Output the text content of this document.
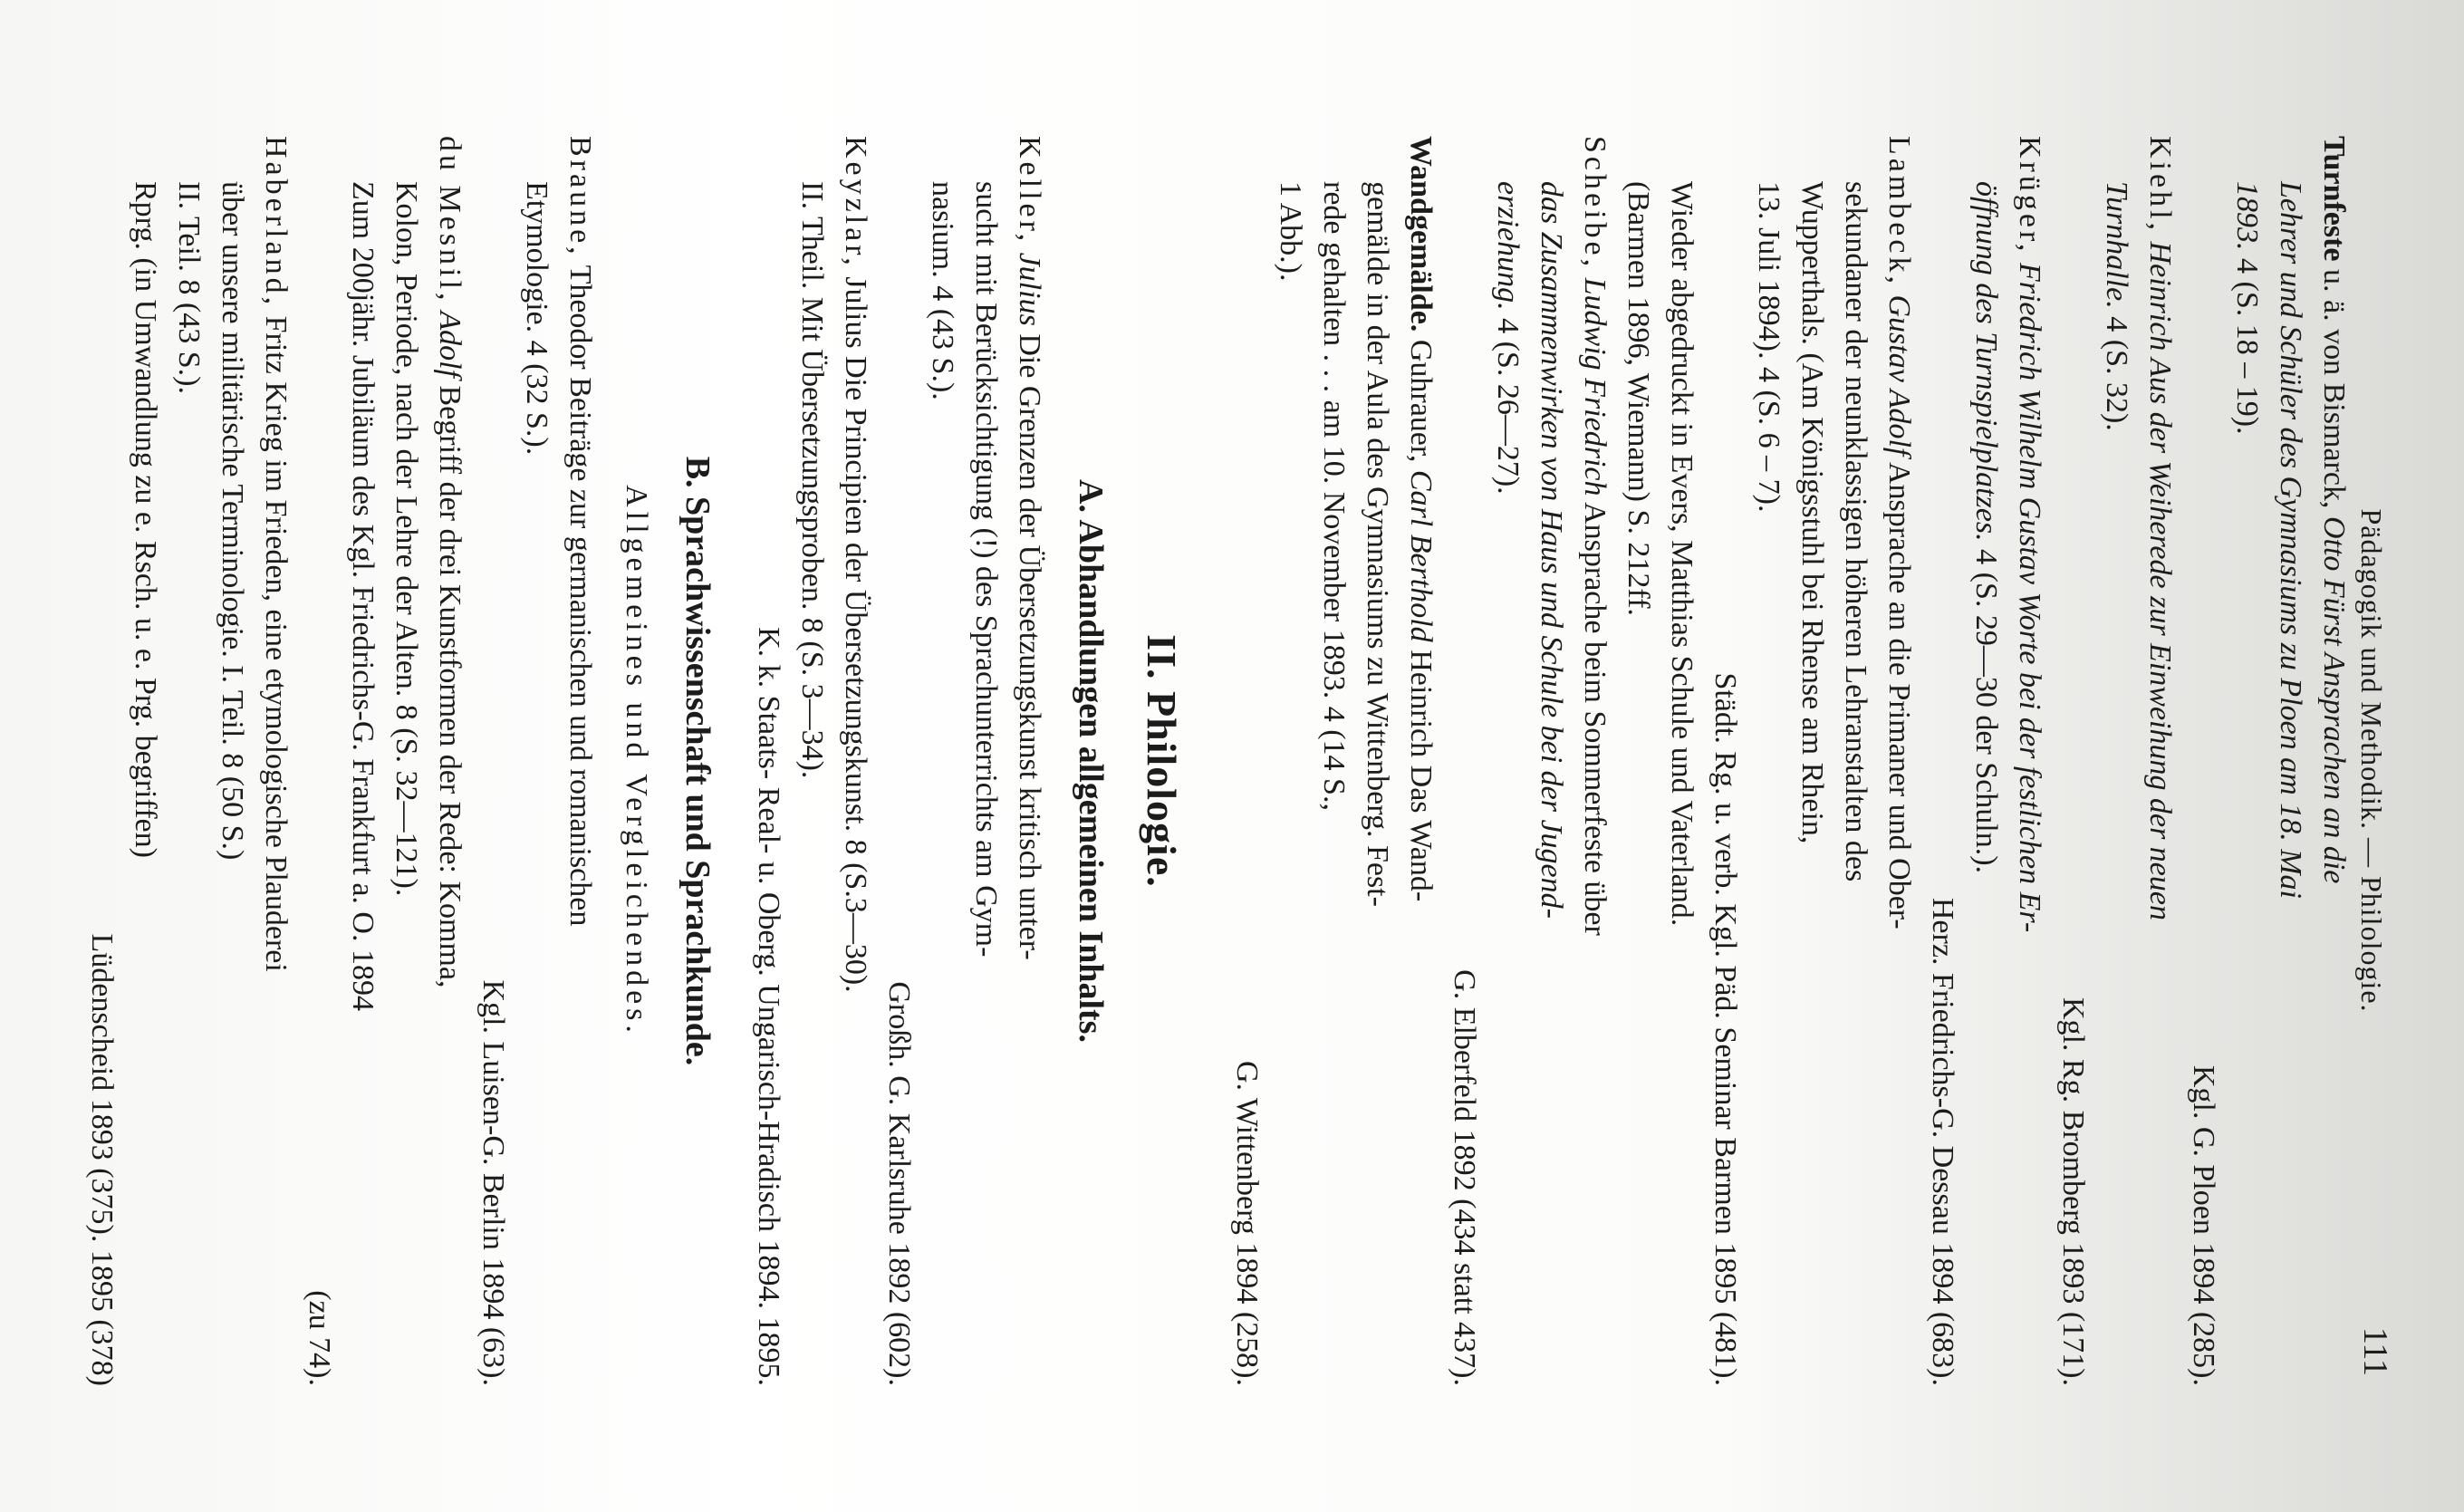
Pädagogik und Methodik. — Philologie.
111

Turnfeste u. ä. von Bismarck, Otto Fürst Ansprachen an die
Lehrer und Schüler des Gymnasiums zu Ploen am 18. Mai
1893. 4 (S. 18 – 19).
Kgl. G. Ploen 1894 (285).

Kiehl, Heinrich Aus der Weiherede zur Einweihung der neuen
Turnhalle. 4 (S. 32).
Kgl. Rg. Bromberg 1893 (171).

Krüger, Friedrich Wilhelm Gustav Worte bei der festlichen Er-
öffnung des Turnspielplatzes. 4 (S. 29—30 der Schuln.).
Herz. Friedrichs-G. Dessau 1894 (683).

Lambeck, Gustav Adolf Ansprache an die Primaner und Ober-
sekundaner der neunklassigen höheren Lehranstalten des
Wupperthals. (Am Königsstuhl bei Rhense am Rhein,
13. Juli 1894). 4 (S. 6 – 7).
Städt. Rg. u. verb. Kgl. Päd. Seminar Barmen 1895 (481).
Wieder abgedruckt in Evers, Matthias Schule und Vaterland.
(Barmen 1896, Wiemann) S. 212ff.

Scheibe, Ludwig Friedrich Ansprache beim Sommerfeste über
das Zusammenwirken von Haus und Schule bei der Jugend-
erziehung. 4 (S. 26—27).
G. Elberfeld 1892 (434 statt 437).

Wandgemälde. Guhrauer, Carl Berthold Heinrich Das Wand-
gemälde in der Aula des Gymnasiums zu Wittenberg. Fest-
rede gehalten . . . am 10. November 1893. 4 (14 S.,
1 Abb.).
G. Wittenberg 1894 (258).

II. Philologie.
A. Abhandlungen allgemeinen Inhalts.

Keller, Julius Die Grenzen der Übersetzungskunst kritisch unter-
sucht mit Berücksichtigung (!) des Sprachunterrichts am Gym-
nasium. 4 (43 S.).
Großh. G. Karlsruhe 1892 (602).

Keyzlar, Julius Die Principien der Übersetzungskunst. 8 (S.3—30).
II. Theil. Mit Übersetzungsproben. 8 (S. 3—34).
K. k. Staats- Real- u. Oberg. Ungarisch-Hradisch 1894. 1895.

B. Sprachwissenschaft und Sprachkunde.
Allgemeines und Vergleichendes.

Braune, Theodor Beiträge zur germanischen und romanischen
Etymologie. 4 (32 S.).
Kgl. Luisen-G. Berlin 1894 (63).

du Mesnil, Adolf Begriff der drei Kunstformen der Rede: Komma,
Kolon, Periode, nach der Lehre der Alten. 8 (S. 32—121).
Zum 200jähr. Jubiläum des Kgl. Friedrichs-G. Frankfurt a. O. 1894
(zu 74).

Haberland, Fritz Krieg im Frieden, eine etymologische Plauderei
über unsere militärische Terminologie. I. Teil. 8 (50 S.)
II. Teil. 8 (43 S.).
Rprg. (in Umwandlung zu e. Rsch. u. e. Prg. begriffen)
Lüdenscheid 1893 (375). 1895 (378)
